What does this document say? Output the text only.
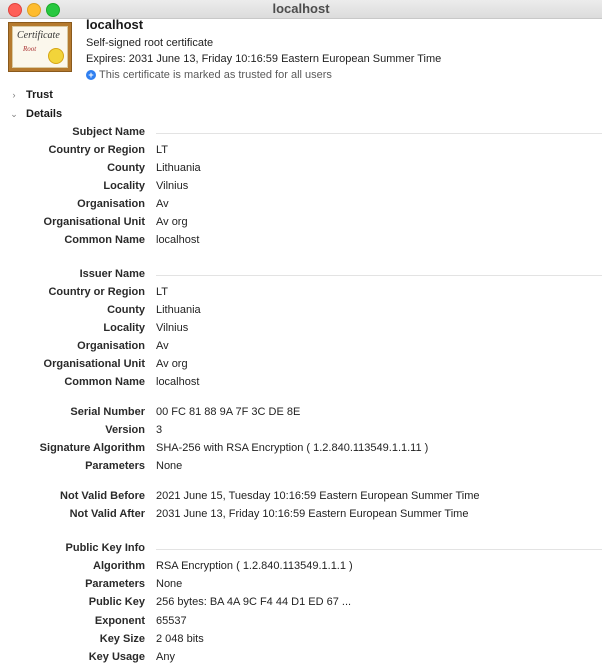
localhost
Certificate
Root
localhost
Self-signed root certificate
Expires: 2031 June 13, Friday 10:16:59 Eastern European Summer Time
+ This certificate is marked as trusted for all users
› Trust
⌄ Details
Subject Name
Country or Region LT
County Lithuania
Locality Vilnius
Organisation Av
Organisational Unit Av org
Common Name localhost
Issuer Name
Country or Region LT
County Lithuania
Locality Vilnius
Organisation Av
Organisational Unit Av org
Common Name localhost
Serial Number 00 FC 81 88 9A 7F 3C DE 8E
Version 3
Signature Algorithm SHA-256 with RSA Encryption ( 1.2.840.113549.1.1.11 )
Parameters None
Not Valid Before 2021 June 15, Tuesday 10:16:59 Eastern European Summer Time
Not Valid After 2031 June 13, Friday 10:16:59 Eastern European Summer Time
Public Key Info
Algorithm RSA Encryption ( 1.2.840.113549.1.1.1 )
Parameters None
Public Key 256 bytes: BA 4A 9C F4 44 D1 ED 67 ...
Exponent 65537
Key Size 2 048 bits
Key Usage Any
